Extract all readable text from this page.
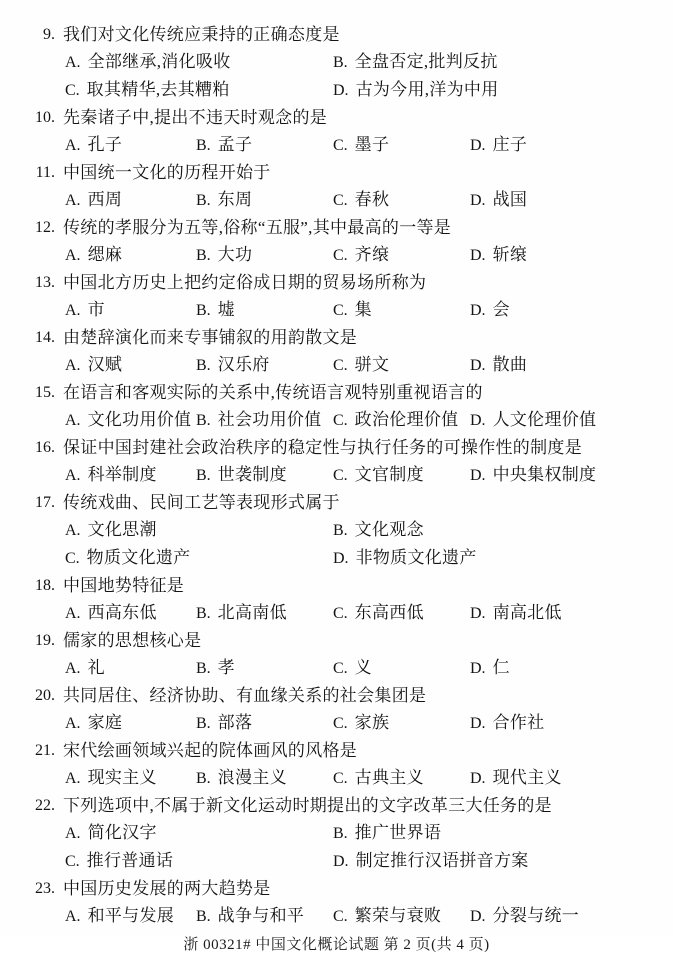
9. 我们对文化传统应秉持的正确态度是
A. 全部继承,消化吸收	B. 全盘否定,批判反抗
C. 取其精华,去其糟粕	D. 古为今用,洋为中用
10. 先秦诸子中,提出不违天时观念的是
A. 孔子	B. 孟子	C. 墨子	D. 庄子
11. 中国统一文化的历程开始于
A. 西周	B. 东周	C. 春秋	D. 战国
12. 传统的孝服分为五等,俗称“五服”,其中最高的一等是
A. 缌麻	B. 大功	C. 齐缞	D. 斩缞
13. 中国北方历史上把约定俗成日期的贸易场所称为
A. 市	B. 墟	C. 集	D. 会
14. 由楚辞演化而来专事铺叙的用韵散文是
A. 汉赋	B. 汉乐府	C. 骈文	D. 散曲
15. 在语言和客观实际的关系中,传统语言观特别重视语言的
A. 文化功用价值 B. 社会功用价值 C. 政治伦理价值 D. 人文伦理价值
16. 保证中国封建社会政治秩序的稳定性与执行任务的可操作性的制度是
A. 科举制度	B. 世袭制度	C. 文官制度	D. 中央集权制度
17. 传统戏曲、民间工艺等表现形式属于
A. 文化思潮	B. 文化观念
C. 物质文化遗产	D. 非物质文化遗产
18. 中国地势特征是
A. 西高东低	B. 北高南低	C. 东高西低	D. 南高北低
19. 儒家的思想核心是
A. 礼	B. 孝	C. 义	D. 仁
20. 共同居住、经济协助、有血缘关系的社会集团是
A. 家庭	B. 部落	C. 家族	D. 合作社
21. 宋代绘画领域兴起的院体画风的风格是
A. 现实主义	B. 浪漫主义	C. 古典主义	D. 现代主义
22. 下列选项中,不属于新文化运动时期提出的文字改革三大任务的是
A. 简化汉字	B. 推广世界语
C. 推行普通话	D. 制定推行汉语拼音方案
23. 中国历史发展的两大趋势是
A. 和平与发展	B. 战争与和平	C. 繁荣与衰败	D. 分裂与统一
浙 00321# 中国文化概论试题 第 2 页(共 4 页)
